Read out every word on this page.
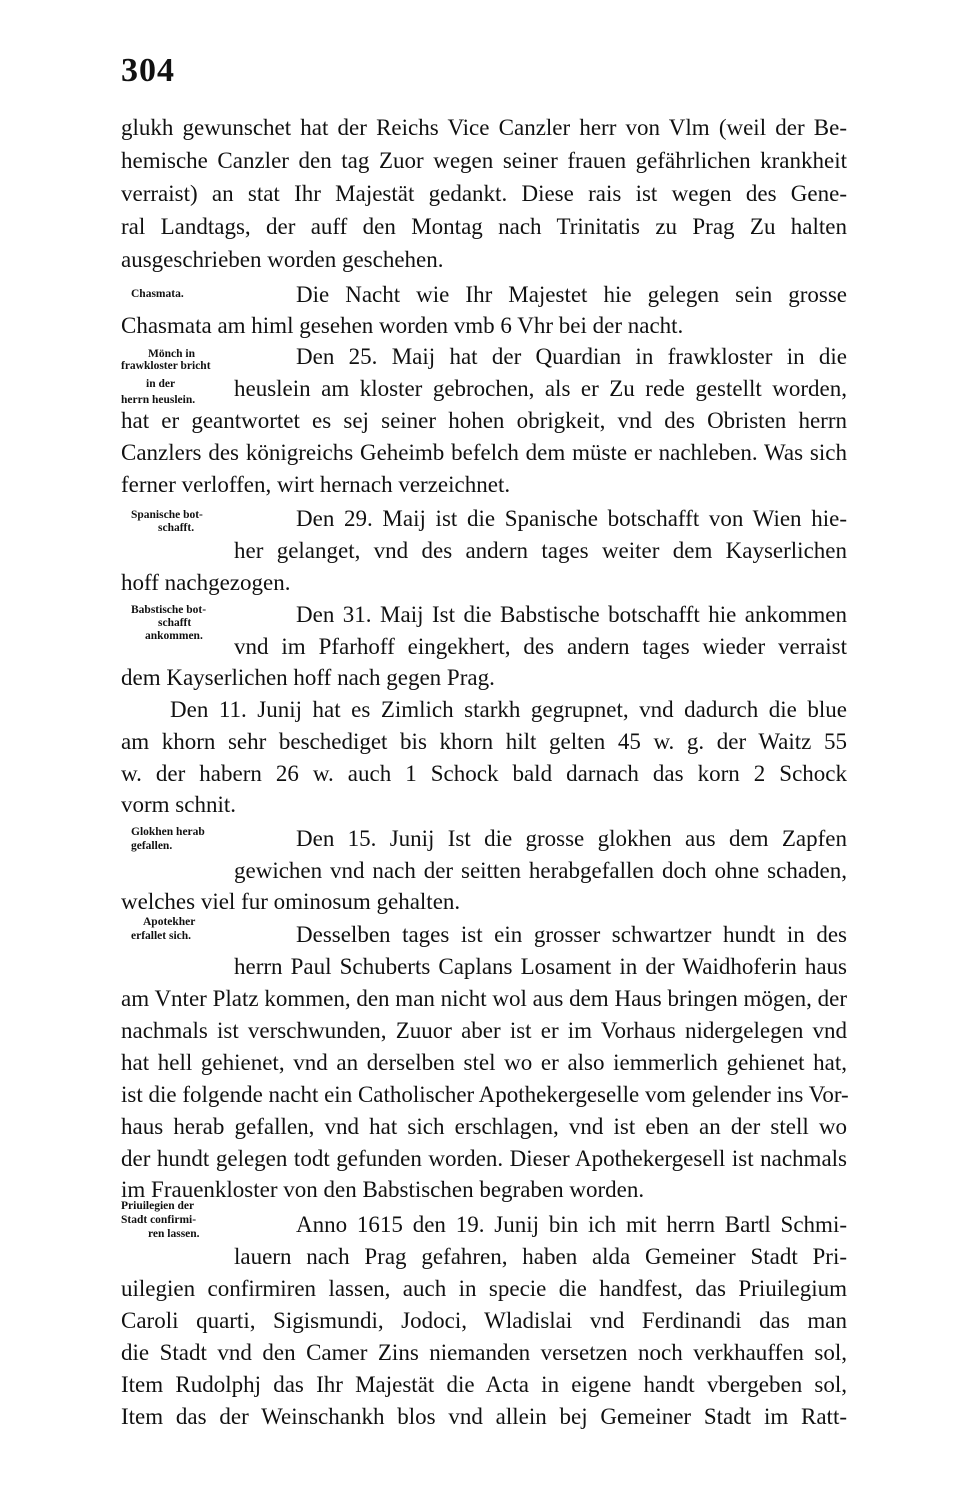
304
glukh gewunschet hat der Reichs Vice Canzler herr von Vlm (weil der Be-
hemische Canzler den tag Zuor wegen seiner frauen gefährlichen krankheit
verraist) an stat Ihr Majestät gedankt. Diese rais ist wegen des Gene-
ral Landtags, der auff den Montag nach Trinitatis zu Prag Zu halten
ausgeschrieben worden geschehen.
Die Nacht wie Ihr Majestet hie gelegen sein grosse
Chasmata am himl gesehen worden vmb 6 Vhr bei der nacht.
Den 25. Maij hat der Quardian in frawkloster in die
heuslein am kloster gebrochen, als er Zu rede gestellt worden,
hat er geantwortet es sej seiner hohen obrigkeit, vnd des Obristen herrn
Canzlers des königreichs Geheimb befelch dem müste er nachleben. Was sich
ferner verloffen, wirt hernach verzeichnet.
Den 29. Maij ist die Spanische botschafft von Wien hie-
her gelanget, vnd des andern tages weiter dem Kayserlichen
hoff nachgezogen.
Den 31. Maij Ist die Babstische botschafft hie ankommen
vnd im Pfarhoff eingekhert, des andern tages wieder verraist
dem Kayserlichen hoff nach gegen Prag.
Den 11. Junij hat es Zimlich starkh gegrupnet, vnd dadurch die blue
am khorn sehr beschediget bis khorn hilt gelten 45 w. g. der Waitz 55
w. der habern 26 w. auch 1 Schock bald darnach das korn 2 Schock
vorm schnit.
Den 15. Junij Ist die grosse glokhen aus dem Zapfen
gewichen vnd nach der seitten herabgefallen doch ohne schaden,
welches viel fur ominosum gehalten.
Desselben tages ist ein grosser schwartzer hundt in des
herrn Paul Schuberts Caplans Losament in der Waidhoferin haus
am Vnter Platz kommen, den man nicht wol aus dem Haus bringen mögen, der
nachmals ist verschwunden, Zuuor aber ist er im Vorhaus nidergelegen vnd
hat hell gehienet, vnd an derselben stel wo er also iemmerlich gehienet hat,
ist die folgende nacht ein Catholischer Apothekergeselle vom gelender ins Vor-
haus herab gefallen, vnd hat sich erschlagen, vnd ist eben an der stell wo
der hundt gelegen todt gefunden worden. Dieser Apothekergesell ist nachmals
im Frauenkloster von den Babstischen begraben worden.
Anno 1615 den 19. Junij bin ich mit herrn Bartl Schmi-
lauern nach Prag gefahren, haben alda Gemeiner Stadt Pri-
uilegien confirmiren lassen, auch in specie die handfest, das Priuilegium
Caroli quarti, Sigismundi, Jodoci, Wladislai vnd Ferdinandi das man
die Stadt vnd den Camer Zins niemanden versetzen noch verkhauffen sol,
Item Rudolphj das Ihr Majestät die Acta in eigene handt vbergeben sol,
Item das der Weinschankh blos vnd allein bej Gemeiner Stadt im Ratt-
Chasmata.
Mönch in
frawkloster bricht
in der
herrn heuslein.
Spanische bot-
schafft.
Babstische bot-
schafft
ankommen.
Glokhen herab
gefallen.
Apotekher
erfallet sich.
Priuilegien der
Stadt confirmi-
ren lassen.
